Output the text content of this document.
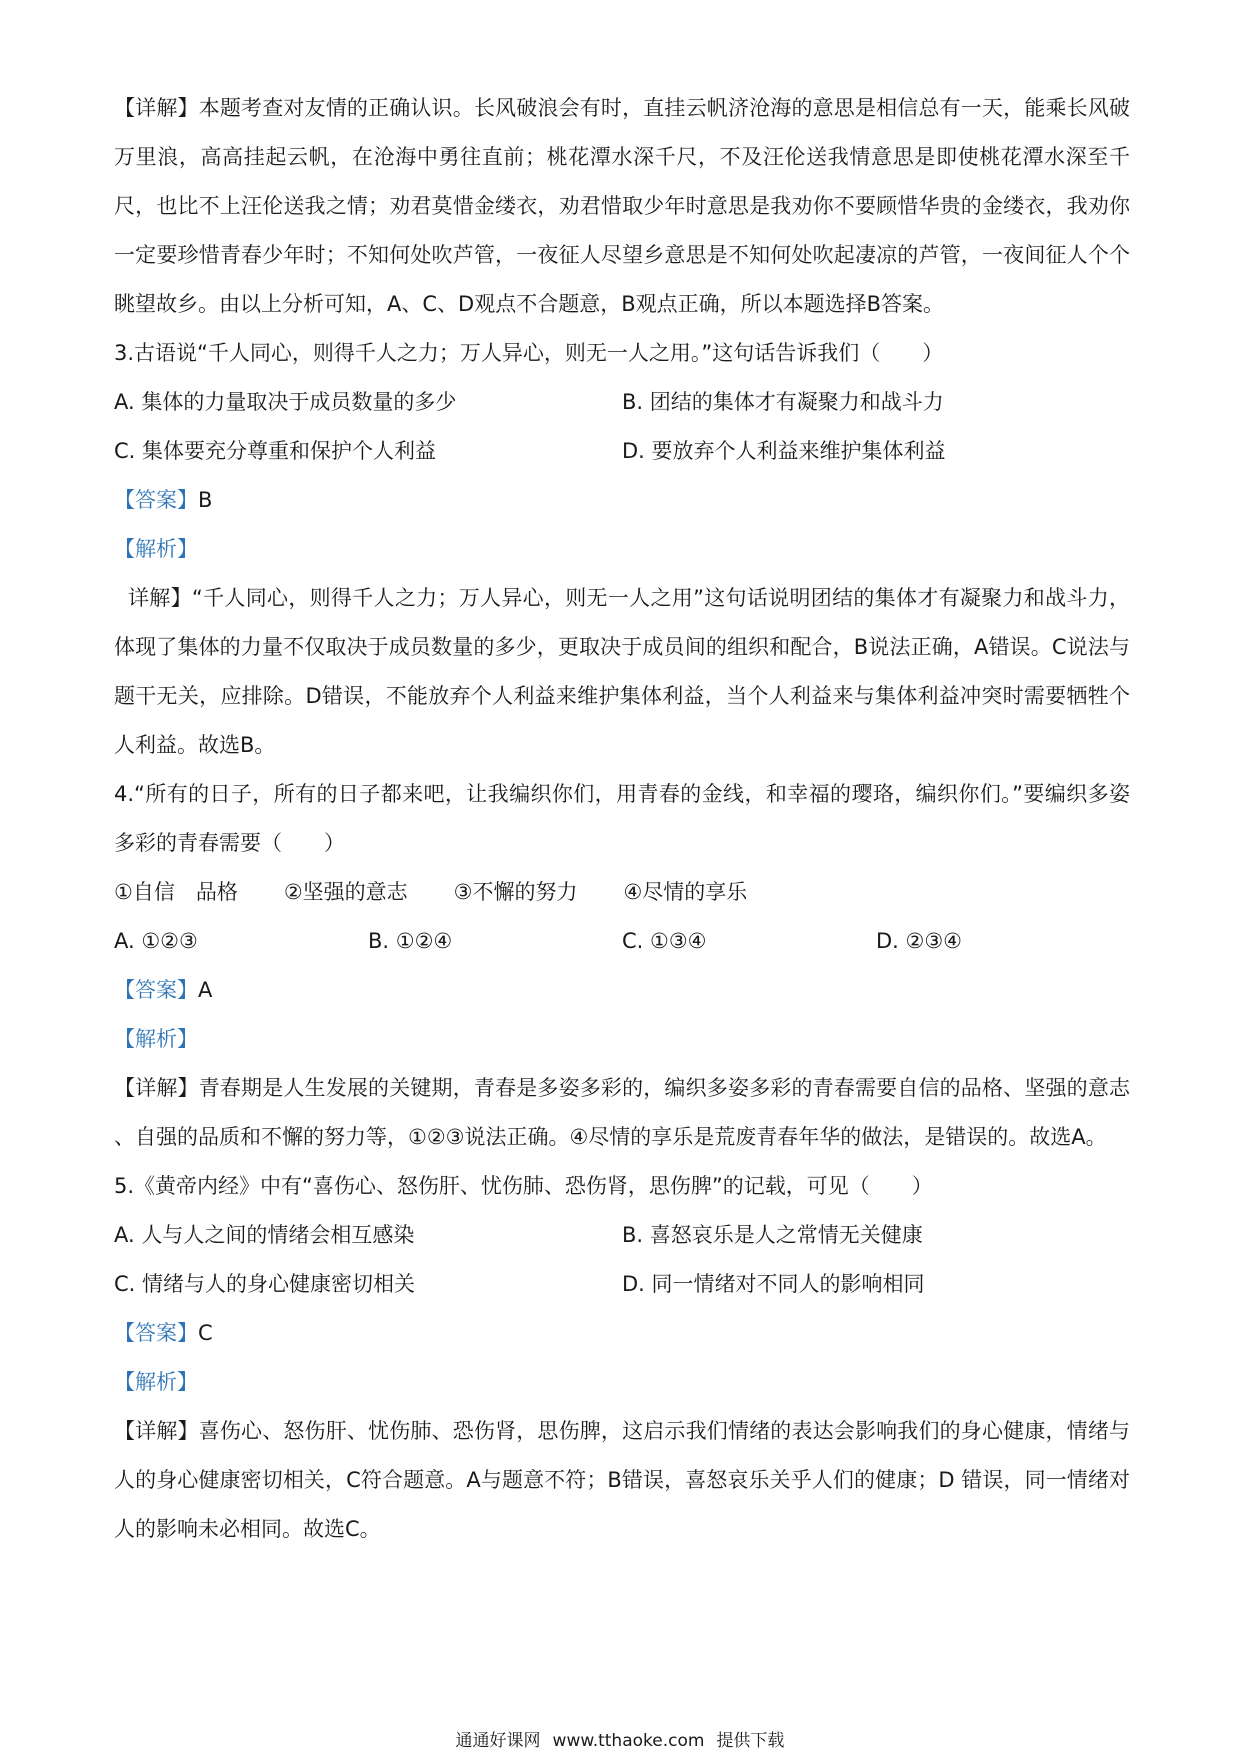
【详解】本题考查对友情的正确认识。长风破浪会有时，直挂云帆济沧海的意思是相信总有一天，能乘长风破万里浪，高高挂起云帆，在沧海中勇往直前；桃花潭水深千尺，不及汪伦送我情意思是即使桃花潭水深至千尺，也比不上汪伦送我之情；劝君莫惜金缕衣，劝君惜取少年时意思是我劝你不要顾惜华贵的金缕衣，我劝你一定要珍惜青春少年时；不知何处吹芦管，一夜征人尽望乡意思是不知何处吹起凄凉的芦管，一夜间征人个个眺望故乡。由以上分析可知，A、C、D观点不合题意，B观点正确，所以本题选择B答案。

3.古语说“千人同心，则得千人之力；万人异心，则无一人之用。”这句话告诉我们（　　）

A. 集体的力量取决于成员数量的多少	B. 团结的集体才有凝聚力和战斗力
C. 集体要充分尊重和保护个人利益	D. 要放弃个人利益来维护集体利益
【答案】B
【解析】

详解】“千人同心，则得千人之力；万人异心，则无一人之用”这句话说明团结的集体才有凝聚力和战斗力，体现了集体的力量不仅取决于成员数量的多少，更取决于成员间的组织和配合，B说法正确，A错误。C说法与题干无关，应排除。D错误，不能放弃个人利益来维护集体利益，当个人利益来与集体利益冲突时需要牺牲个人利益。故选B。

4.“所有的日子，所有的日子都来吧，让我编织你们，用青春的金线，和幸福的璎珞，编织你们。”要编织多姿多彩的青春需要（　　）

①自信　品格 ②坚强的意志 ③不懈的努力 ④尽情的享乐
A. ①②③	B. ①②④	C. ①③④	D. ②③④
【答案】A
【解析】

【详解】青春期是人生发展的关键期，青春是多姿多彩的，编织多姿多彩的青春需要自信的品格、坚强的意志 、自强的品质和不懈的努力等，①②③说法正确。④尽情的享乐是荒废青春年华的做法，是错误的。故选A。

5.《黄帝内经》中有“喜伤心、怒伤肝、忧伤肺、恐伤肾，思伤脾”的记载，可见（　　）

A. 人与人之间的情绪会相互感染	B. 喜怒哀乐是人之常情无关健康
C. 情绪与人的身心健康密切相关	D. 同一情绪对不同人的影响相同
【答案】C
【解析】

【详解】喜伤心、怒伤肝、忧伤肺、恐伤肾，思伤脾，这启示我们情绪的表达会影响我们的身心健康，情绪与人的身心健康密切相关，C符合题意。A与题意不符；B错误，喜怒哀乐关乎人们的健康；D 错误，同一情绪对人的影响未必相同。故选C。

通通好课网 www.tthaoke.com 提供下载
